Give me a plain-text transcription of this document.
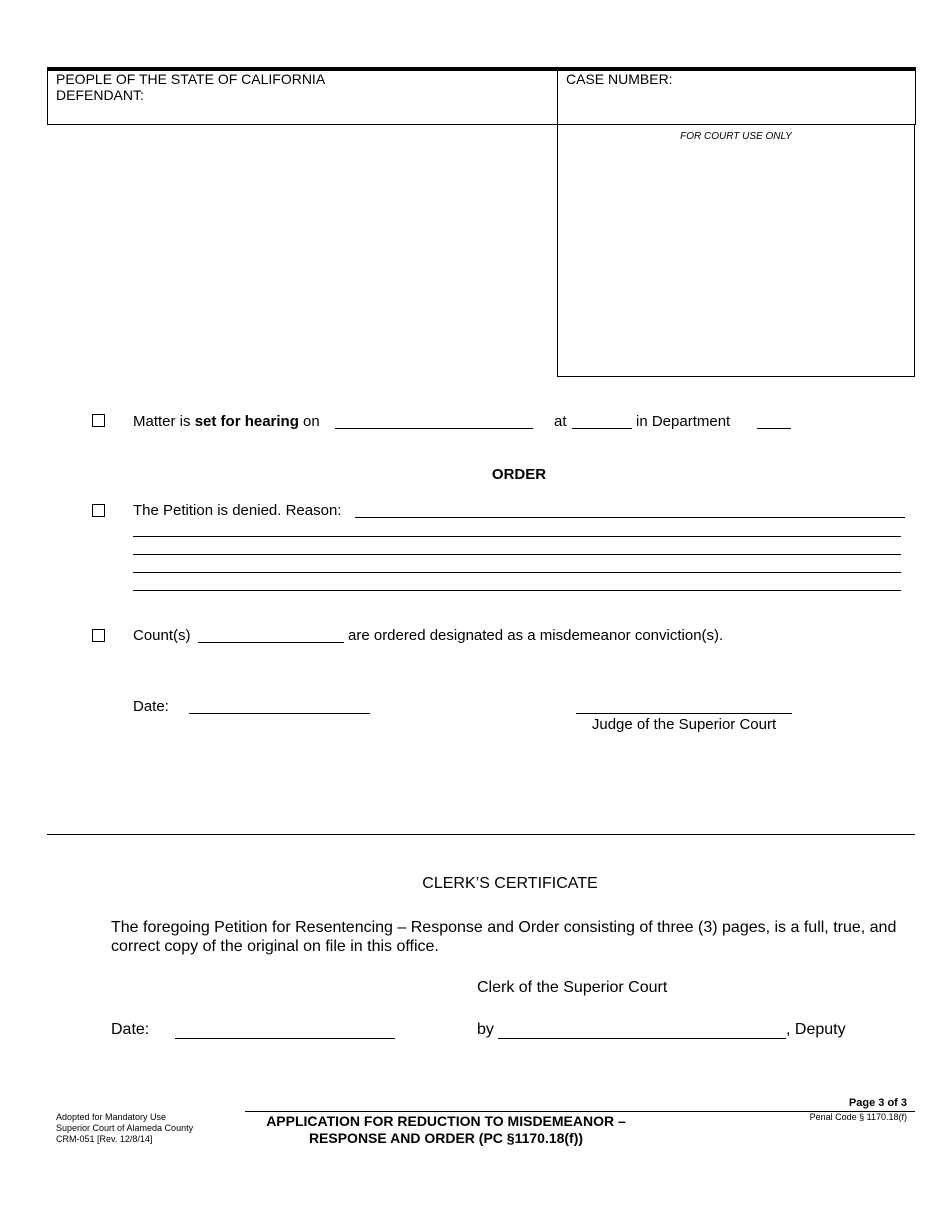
PEOPLE OF THE STATE OF CALIFORNIA
DEFENDANT:
CASE NUMBER:
FOR COURT USE ONLY
Matter is set for hearing on	at	in Department
ORDER
The Petition is denied. Reason:
Count(s)	are ordered designated as a misdemeanor conviction(s).
Date:
Judge of the Superior Court
CLERK’S CERTIFICATE
The foregoing Petition for Resentencing – Response and Order consisting of three (3) pages, is a full, true, and correct copy of the original on file in this office.
Clerk of the Superior Court
Date:	by	, Deputy
Page 3 of 3
Adopted for Mandatory Use
Superior Court of Alameda County
CRM-051 [Rev. 12/8/14]
APPLICATION FOR REDUCTION TO MISDEMEANOR –
RESPONSE AND ORDER (PC §1170.18(f))
Penal Code § 1170.18(f)
